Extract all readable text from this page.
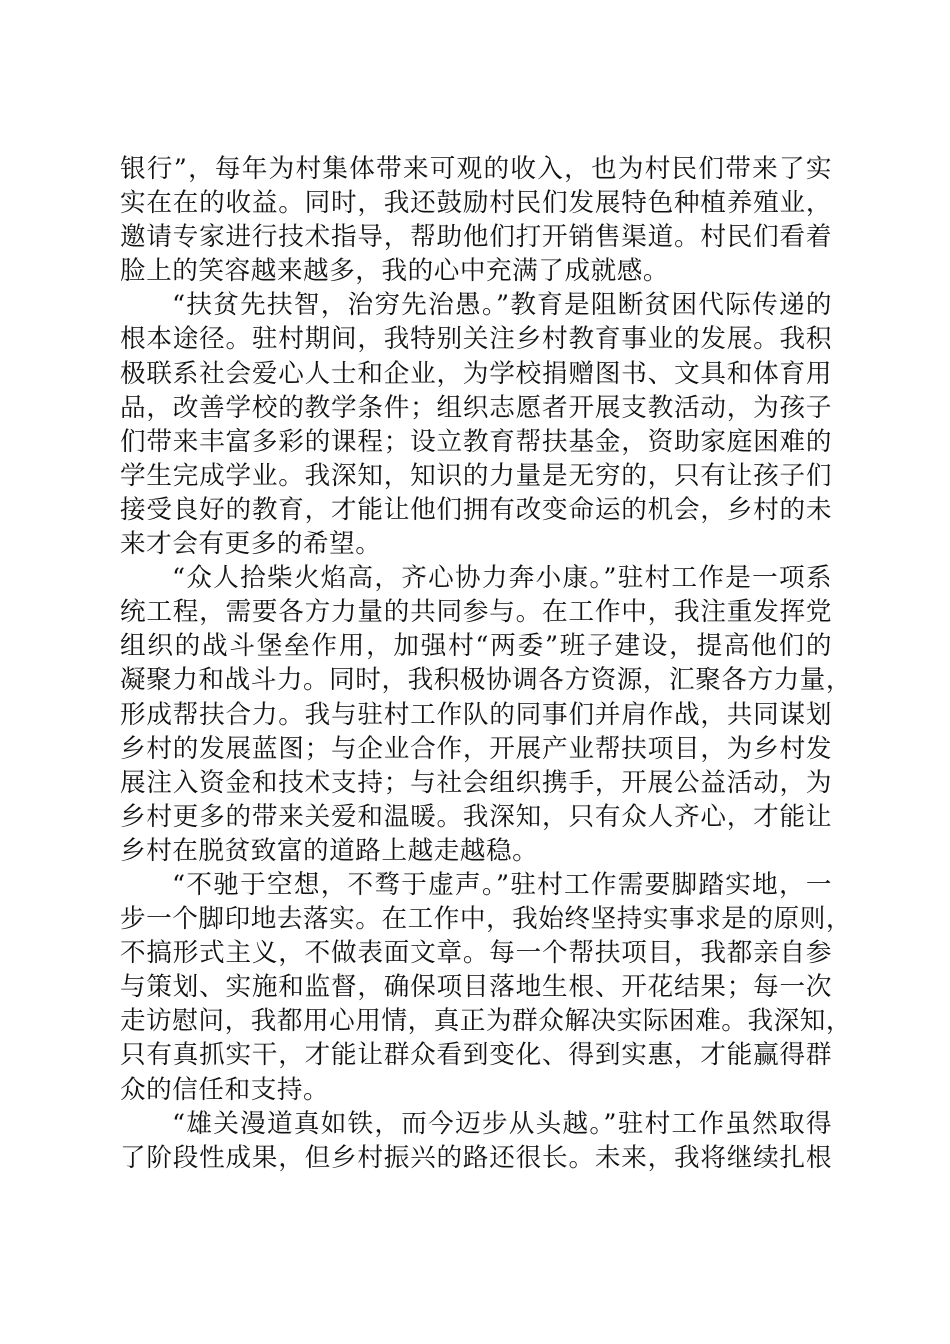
银行”，每年为村集体带来可观的收入，也为村民们带来了实
实在在的收益。同时，我还鼓励村民们发展特色种植养殖业，
邀请专家进行技术指导，帮助他们打开销售渠道。村民们看着
脸上的笑容越来越多，我的心中充满了成就感。
“扶贫先扶智，治穷先治愚。”教育是阻断贫困代际传递的
根本途径。驻村期间，我特别关注乡村教育事业的发展。我积
极联系社会爱心人士和企业，为学校捐赠图书、文具和体育用
品，改善学校的教学条件；组织志愿者开展支教活动，为孩子
们带来丰富多彩的课程；设立教育帮扶基金，资助家庭困难的
学生完成学业。我深知，知识的力量是无穷的，只有让孩子们
接受良好的教育，才能让他们拥有改变命运的机会，乡村的未
来才会有更多的希望。
“众人拾柴火焰高，齐心协力奔小康。”驻村工作是一项系
统工程，需要各方力量的共同参与。在工作中，我注重发挥党
组织的战斗堡垒作用，加强村“两委”班子建设，提高他们的
凝聚力和战斗力。同时，我积极协调各方资源，汇聚各方力量，
形成帮扶合力。我与驻村工作队的同事们并肩作战，共同谋划
乡村的发展蓝图；与企业合作，开展产业帮扶项目，为乡村发
展注入资金和技术支持；与社会组织携手，开展公益活动，为
乡村更多的带来关爱和温暖。我深知，只有众人齐心，才能让
乡村在脱贫致富的道路上越走越稳。
“不驰于空想，不骛于虚声。”驻村工作需要脚踏实地，一
步一个脚印地去落实。在工作中，我始终坚持实事求是的原则，
不搞形式主义，不做表面文章。每一个帮扶项目，我都亲自参
与策划、实施和监督，确保项目落地生根、开花结果；每一次
走访慰问，我都用心用情，真正为群众解决实际困难。我深知，
只有真抓实干，才能让群众看到变化、得到实惠，才能赢得群
众的信任和支持。
“雄关漫道真如铁，而今迈步从头越。”驻村工作虽然取得
了阶段性成果，但乡村振兴的路还很长。未来，我将继续扎根
